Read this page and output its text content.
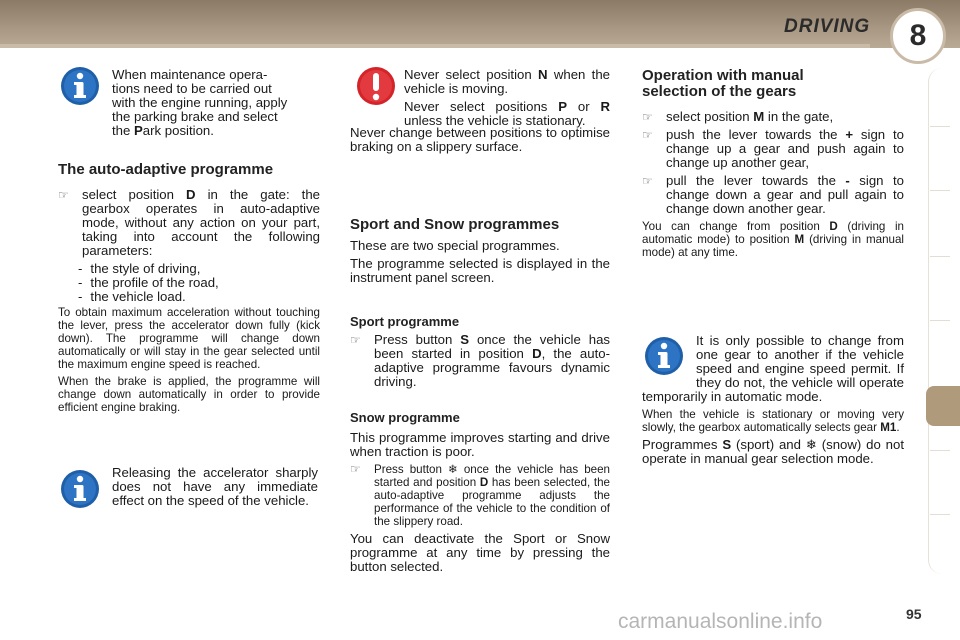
DRIVING	8
When maintenance opera-
tions need to be carried out
with the engine running, apply
the parking brake and select
the Park position.
The auto-adaptive programme
☞ select position D in the gate: the gearbox operates in auto-adaptive mode, without any action on your part, taking into account the following parameters:
- the style of driving,
- the profile of the road,
- the vehicle load.

To obtain maximum acceleration without touching the lever, press the accelerator down fully (kick down). The programme will change down automatically or will stay in the gear selected until the maximum engine speed is reached.

When the brake is applied, the programme will change down automatically in order to provide efficient engine braking.

Releasing the accelerator sharply does not have any immediate effect on the speed of the vehicle.

Never select position N when the vehicle is moving.

Never select positions P or R unless the vehicle is stationary.

Never change between positions to optimise braking on a slippery surface.
Sport and Snow programmes

These are two special programmes.

The programme selected is displayed in the instrument panel screen.

Sport programme
☞ Press button S once the vehicle has been started in position D, the auto-adaptive programme favours dynamic driving.
Snow programme

This programme improves starting and drive when traction is poor.

☞ Press button ❄ once the vehicle has been started and position D has been selected, the auto-adaptive programme adjusts the performance of the vehicle to the condition of the slippery road.

You can deactivate the Sport or Snow programme at any time by pressing the button selected.

Operation with manual
selection of the gears
☞ select position M in the gate,
☞ push the lever towards the + sign to change up a gear and push again to change up another gear,
☞ pull the lever towards the - sign to change down a gear and pull again to change down another gear.

You can change from position D (driving in automatic mode) to position M (driving in manual mode) at any time.

It is only possible to change from one gear to another if the vehicle speed and engine speed permit. If they do not, the vehicle will operate temporarily in automatic mode.

When the vehicle is stationary or moving very slowly, the gearbox automatically selects gear M1.

Programmes S (sport) and ❄ (snow) do not operate in manual gear selection mode.

95
carmanualsonline.info
